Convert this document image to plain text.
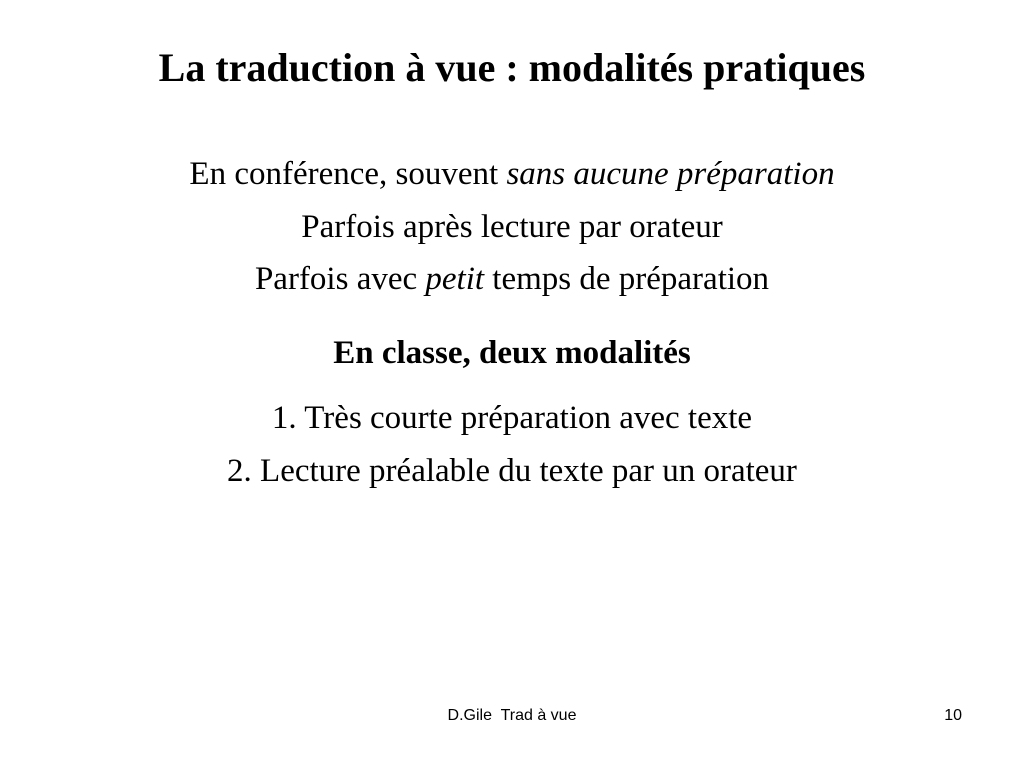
La traduction à vue : modalités pratiques
En conférence, souvent sans aucune préparation
Parfois après lecture par orateur
Parfois avec petit temps de préparation
En classe, deux modalités
1. Très courte préparation avec texte
2. Lecture préalable du texte par un orateur
D.Gile  Trad à vue	10
